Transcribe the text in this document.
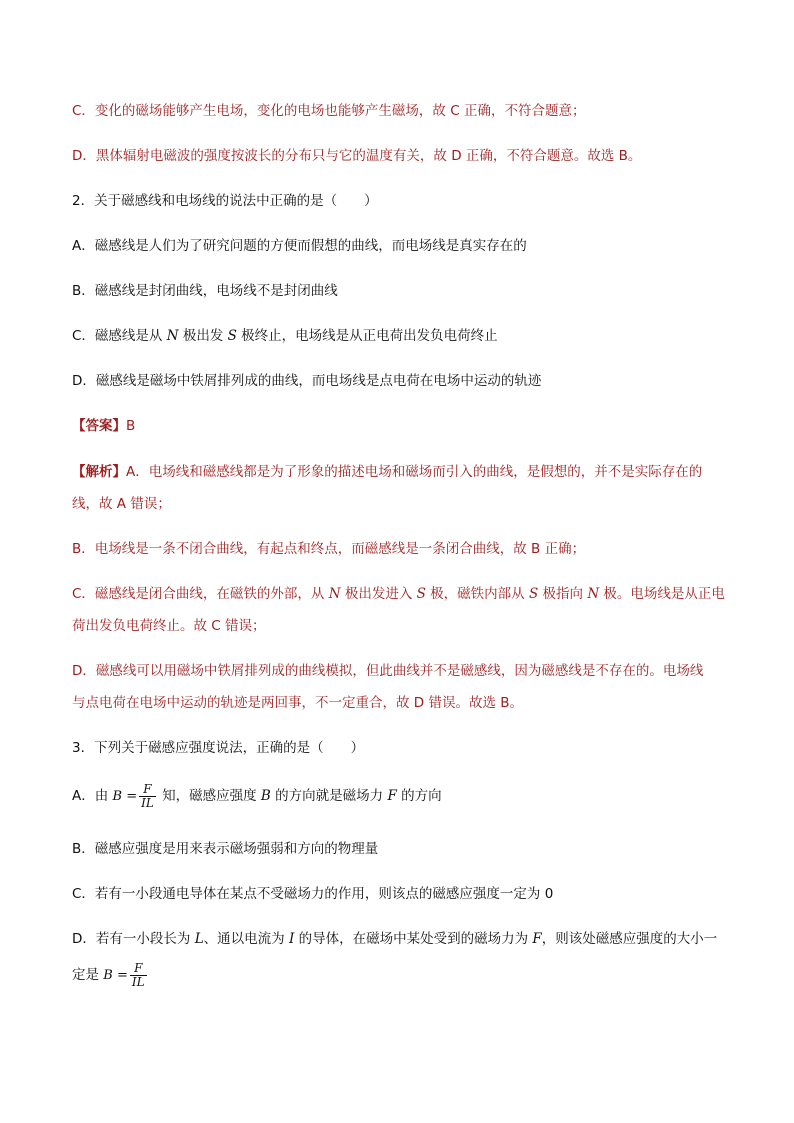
C．变化的磁场能够产生电场，变化的电场也能够产生磁场，故 C 正确，不符合题意；
D．黑体辐射电磁波的强度按波长的分布只与它的温度有关，故 D 正确，不符合题意。故选 B。
2．关于磁感线和电场线的说法中正确的是（　　）
A．磁感线是人们为了研究问题的方便而假想的曲线，而电场线是真实存在的
B．磁感线是封闭曲线，电场线不是封闭曲线
C．磁感线是从 N 极出发 S 极终止，电场线是从正电荷出发负电荷终止
D．磁感线是磁场中铁屑排列成的曲线，而电场线是点电荷在电场中运动的轨迹
【答案】B
【解析】A．电场线和磁感线都是为了形象的描述电场和磁场而引入的曲线，是假想的，并不是实际存在的
线，故 A 错误；
B．电场线是一条不闭合曲线，有起点和终点，而磁感线是一条闭合曲线，故 B 正确；
C．磁感线是闭合曲线，在磁铁的外部，从 N 极出发进入 S 极，磁铁内部从 S 极指向 N 极。电场线是从正电
荷出发负电荷终止。故 C 错误；
D．磁感线可以用磁场中铁屑排列成的曲线模拟，但此曲线并不是磁感线，因为磁感线是不存在的。电场线
与点电荷在电场中运动的轨迹是两回事，不一定重合，故 D 错误。故选 B。
3．下列关于磁感应强度说法，正确的是（　　）
A．由 $B = \frac{F}{IL}$ 知，磁感应强度 B 的方向就是磁场力 F 的方向
B．磁感应强度是用来表示磁场强弱和方向的物理量
C．若有一小段通电导体在某点不受磁场力的作用，则该点的磁感应强度一定为 0
D．若有一小段长为 L、通以电流为 I 的导体，在磁场中某处受到的磁场力为 F，则该处磁感应强度的大小一
定是 $B = \frac{F}{IL}$
